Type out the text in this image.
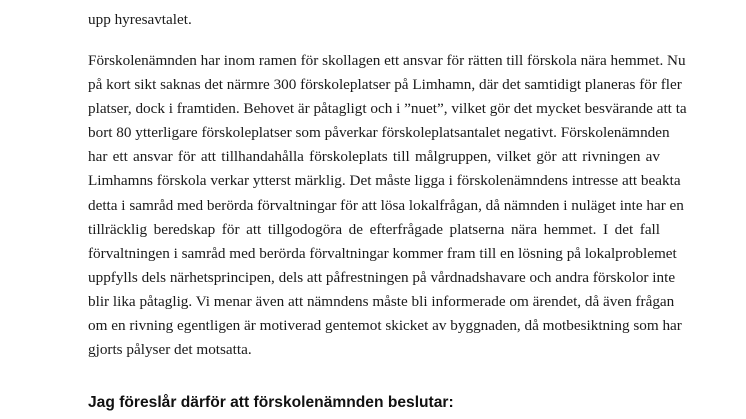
upp hyresavtalet.
Förskolenämnden har inom ramen för skollagen ett ansvar för rätten till förskola nära hemmet. Nu
på kort sikt saknas det närmre 300 förskoleplatser på Limhamn, där det samtidigt planeras för fler
platser, dock i framtiden. Behovet är påtagligt och i ”nuet”, vilket gör det mycket besvärande att ta
bort 80 ytterligare förskoleplatser som påverkar förskoleplatsantalet negativt. Förskolenämnden
har ett ansvar för att tillhandahålla förskoleplats till målgruppen, vilket gör att rivningen av
Limhamns förskola verkar ytterst märklig. Det måste ligga i förskolenämndens intresse att beakta
detta i samråd med berörda förvaltningar för att lösa lokalfrågan, då nämnden i nuläget inte har en
tillräcklig beredskap för att tillgodogöra de efterfrågade platserna nära hemmet. I det fall
förvaltningen i samråd med berörda förvaltningar kommer fram till en lösning på lokalproblemet
uppfylls dels närhetsprincipen, dels att påfrestningen på vårdnadshavare och andra förskolor inte
blir lika påtaglig. Vi menar även att nämndens måste bli informerade om ärendet, då även frågan
om en rivning egentligen är motiverad gentemot skicket av byggnaden, då motbesiktning som har
gjorts pålyser det motsatta.
Jag föreslår därför att förskolenämnden beslutar:
